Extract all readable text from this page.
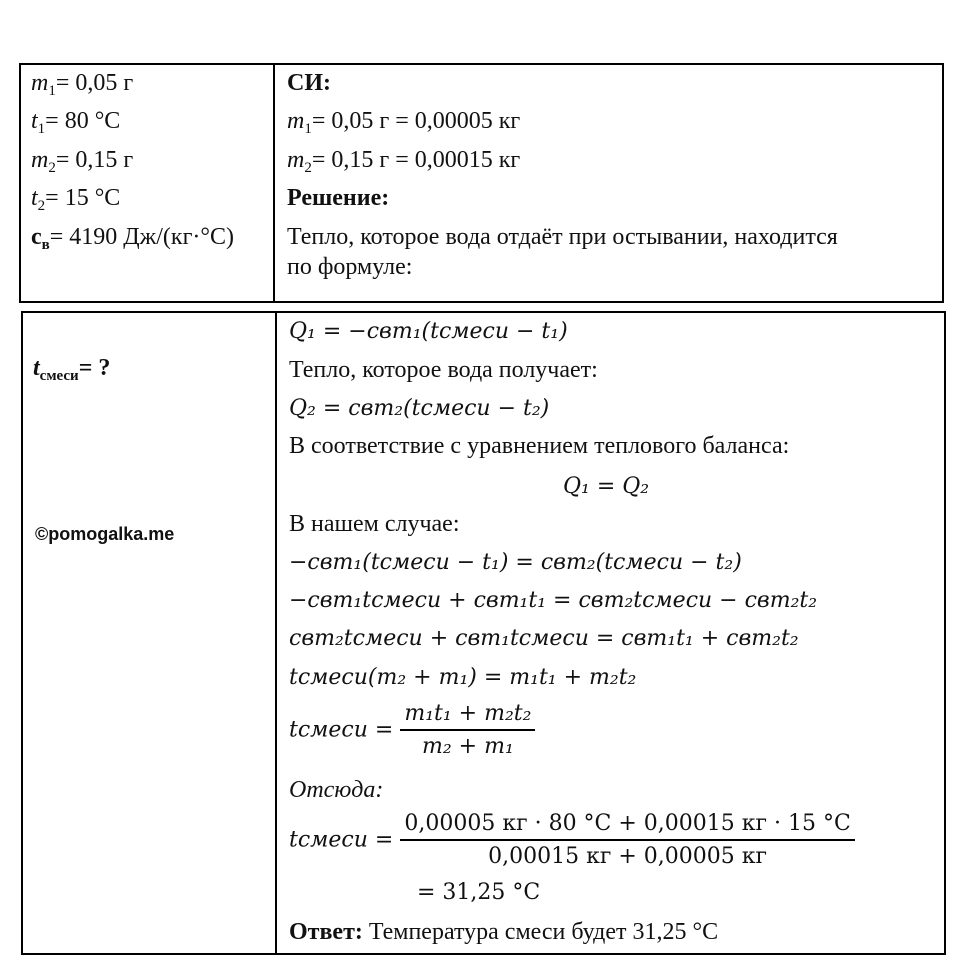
$m_1= 0,05$ г
$t_1= 80$ °C
$m_2= 0,15$ г
$t_2= 15$ °C
$c_в= 4190$ Дж/(кг·°C)
СИ:
$m_1= 0,05$ г = 0,00005 кг
$m_2= 0,15$ г = 0,00015 кг
Решение:
Тепло, которое вода отдаёт при остывании, находится
по формуле:
$t_{смеси}=$ ?
©pomogalka.me
Q₁ = −cвm₁(tсмеси − t₁)
Тепло, которое вода получает:
Q₂ = cвm₂(tсмеси − t₂)
В соответствие с уравнением теплового баланса:
Q₁ = Q₂
В нашем случае:
−cвm₁(tсмеси − t₁) = cвm₂(tсмеси − t₂)
−cвm₁tсмеси + cвm₁t₁ = cвm₂tсмеси − cвm₂t₂
cвm₂tсмеси + cвm₁tсмеси = cвm₁t₁ + cвm₂t₂
tсмеси(m₂ + m₁) = m₁t₁ + m₂t₂
tсмеси = $\frac{\text{m₁t₁ + m₂t₂}}{\text{m₂ + m₁}}$
Отсюда:
tсмеси = $\frac{0,00005 кг \cdot 80 ^\circ C + 0,00015 кг \cdot 15 ^\circ C}{0,00015 кг + 0,00005 кг}$
= 31,25 °C
Ответ: Температура смеси будет 31,25 °C
